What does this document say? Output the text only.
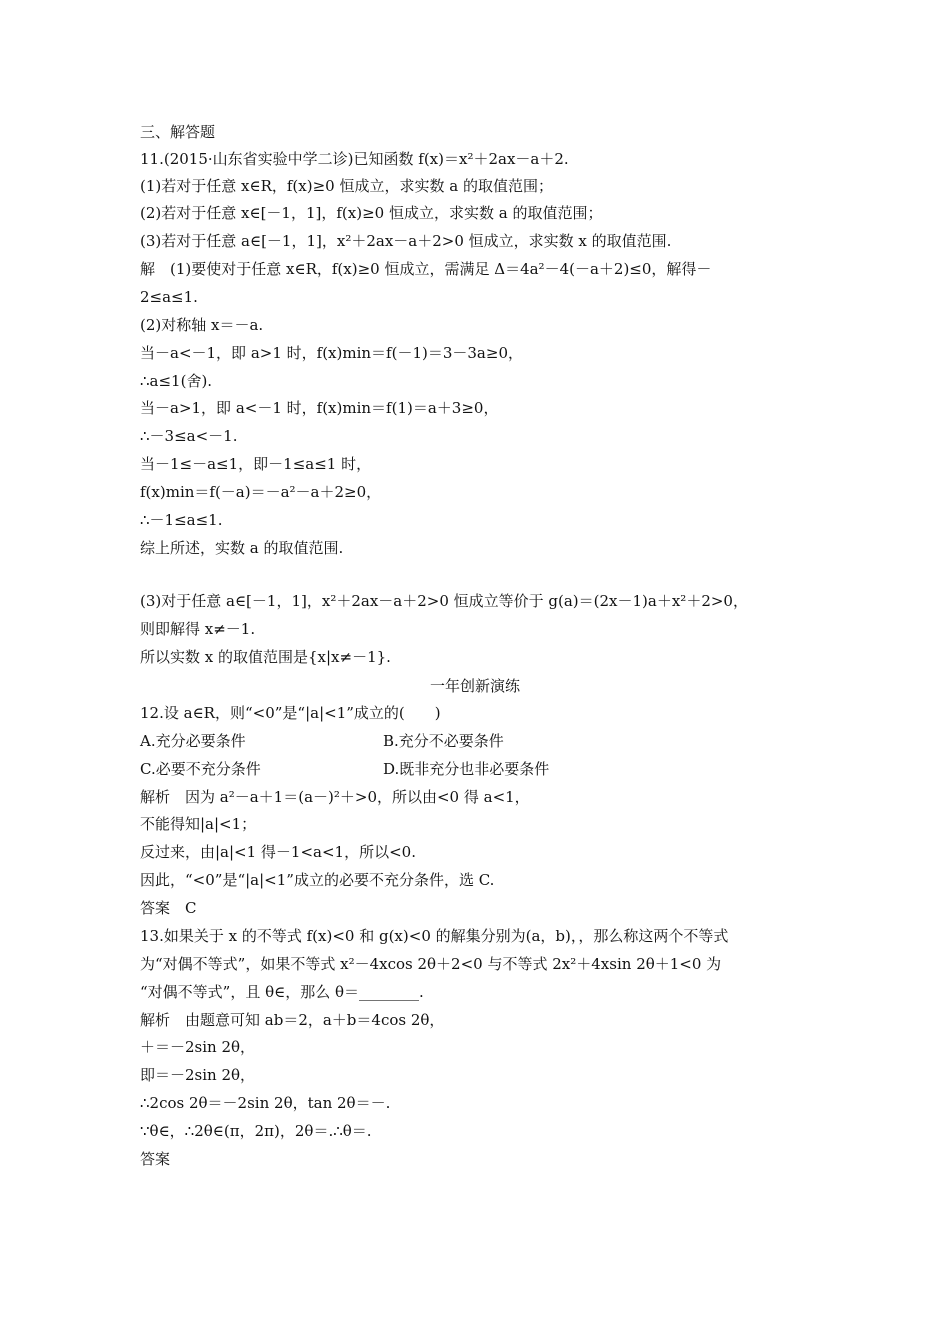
三、解答题
11.(2015·山东省实验中学二诊)已知函数 f(x)＝x²＋2ax－a＋2.
(1)若对于任意 x∈R，f(x)≥0 恒成立，求实数 a 的取值范围；
(2)若对于任意 x∈[－1，1]，f(x)≥0 恒成立，求实数 a 的取值范围；
(3)若对于任意 a∈[－1，1]，x²＋2ax－a＋2>0 恒成立，求实数 x 的取值范围.
解　(1)要使对于任意 x∈R，f(x)≥0 恒成立，需满足 Δ＝4a²－4(－a＋2)≤0，解得－
2≤a≤1.
(2)对称轴 x＝－a.
当－a<－1，即 a>1 时，f(x)min＝f(－1)＝3－3a≥0，
∴a≤1(舍).
当－a>1，即 a<－1 时，f(x)min＝f(1)＝a＋3≥0，
∴－3≤a<－1.
当－1≤－a≤1，即－1≤a≤1 时，
f(x)min＝f(－a)＝－a²－a＋2≥0，
∴－1≤a≤1.
综上所述，实数 a 的取值范围.
(3)对于任意 a∈[－1，1]，x²＋2ax－a＋2>0 恒成立等价于 g(a)＝(2x－1)a＋x²＋2>0，
则即解得 x≠－1.
所以实数 x 的取值范围是{x|x≠－1}.
一年创新演练
12.设 a∈R，则“<0”是“|a|<1”成立的(　　)
A.充分必要条件	B.充分不必要条件
C.必要不充分条件	D.既非充分也非必要条件
解析　因为 a²－a＋1＝(a－)²＋>0，所以由<0 得 a<1，
不能得知|a|<1；
反过来，由|a|<1 得－1<a<1，所以<0.
因此，“<0”是“|a|<1”成立的必要不充分条件，选 C.
答案　C
13.如果关于 x 的不等式 f(x)<0 和 g(x)<0 的解集分别为(a，b)，，那么称这两个不等式
为“对偶不等式”，如果不等式 x²－4xcos 2θ＋2<0 与不等式 2x²＋4xsin 2θ＋1<0 为
“对偶不等式”，且 θ∈，那么 θ＝________.
解析　由题意可知 ab＝2，a＋b＝4cos 2θ，
＋＝－2sin 2θ，
即＝－2sin 2θ，
∴2cos 2θ＝－2sin 2θ，tan 2θ＝－.
∵θ∈，∴2θ∈(π，2π)，2θ＝.∴θ＝.
答案
